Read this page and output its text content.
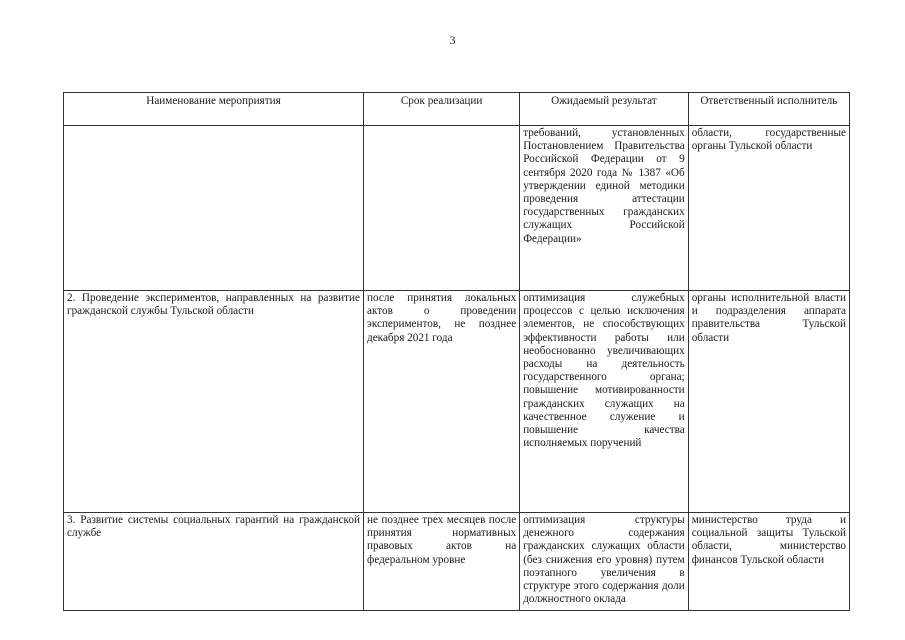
3
Наименование мероприятия	Срок реализации	Ожидаемый результат	Ответственный исполнитель
		требований, установленных Постановлением Правительства Российской Федерации от 9 сентября 2020 года № 1387 «Об утверждении единой методики проведения аттестации государственных гражданских служащих Российской Федерации»	области, государственные органы Тульской области
2. Проведение экспериментов, направленных на развитие гражданской службы Тульской области	после принятия локальных актов о проведении экспериментов, не позднее декабря 2021 года	оптимизация служебных процессов с целью исключения элементов, не способствующих эффективности работы или необоснованно увеличивающих расходы на деятельность государственного органа; повышение мотивированности гражданских служащих на качественное служение и повышение качества исполняемых поручений	органы исполнительной власти и подразделения аппарата правительства Тульской области
3. Развитие системы социальных гарантий на гражданской службе	не позднее трех месяцев после принятия нормативных правовых актов на федеральном уровне	оптимизация структуры денежного содержания гражданских служащих области (без снижения его уровня) путем поэтапного увеличения в структуре этого содержания доли должностного оклада	министерство труда и социальной защиты Тульской области, министерство финансов Тульской области
